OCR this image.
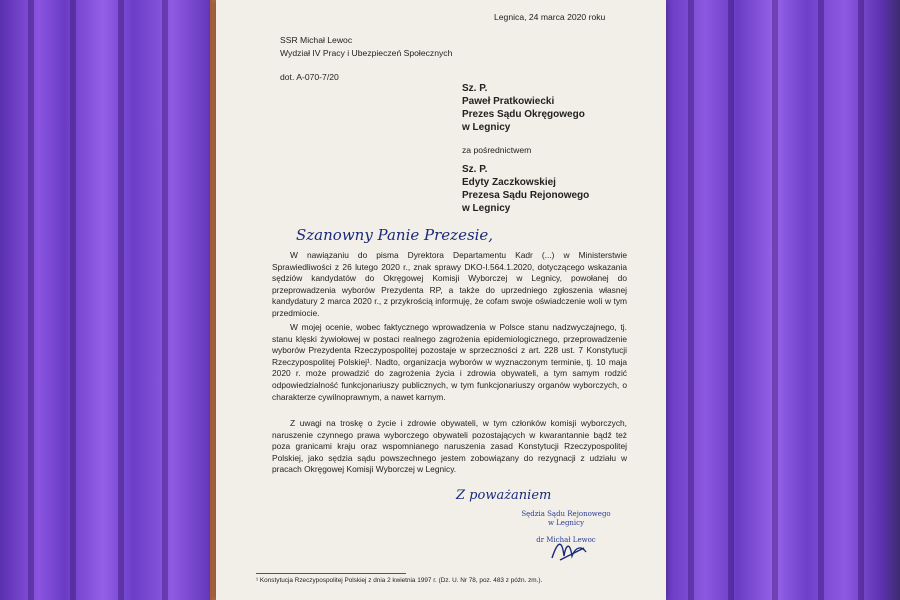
Legnica, 24 marca 2020 roku
SSR Michał Lewoc
Wydział IV Pracy i Ubezpieczeń Społecznych
dot. A-070-7/20
Sz. P.
Paweł Pratkowiecki
Prezes Sądu Okręgowego
w Legnicy
za pośrednictwem
Sz. P.
Edyty Zaczkowskiej
Prezesa Sądu Rejonowego
w Legnicy
Szanowny Panie Prezesie,
W nawiązaniu do pisma Dyrektora Departamentu Kadr (...) w Ministerstwie Sprawiedliwości z 26 lutego 2020 r., znak sprawy DKO-I.564.1.2020, dotyczącego wskazania sędziów kandydatów do Okręgowej Komisji Wyborczej w Legnicy, powołanej do przeprowadzenia wyborów Prezydenta RP, a także do uprzedniego zgłoszenia własnej kandydatury 2 marca 2020 r., z przykrością informuję, że cofam swoje oświadczenie woli w tym przedmiocie.
W mojej ocenie, wobec faktycznego wprowadzenia w Polsce stanu nadzwyczajnego, tj. stanu klęski żywiołowej w postaci realnego zagrożenia epidemiologicznego, przeprowadzenie wyborów Prezydenta Rzeczypospolitej pozostaje w sprzeczności z art. 228 ust. 7 Konstytucji Rzeczypospolitej Polskiej¹. Nadto, organizacja wyborów w wyznaczonym terminie, tj. 10 maja 2020 r. może prowadzić do zagrożenia życia i zdrowia obywateli, a tym samym rodzić odpowiedzialność funkcjonariuszy publicznych, w tym funkcjonariuszy organów wyborczych, o charakterze cywilnoprawnym, a nawet karnym.
Z uwagi na troskę o życie i zdrowie obywateli, w tym członków komisji wyborczych, naruszenie czynnego prawa wyborczego obywateli pozostających w kwarantannie bądź też poza granicami kraju oraz wspomnianego naruszenia zasad Konstytucji Rzeczypospolitej Polskiej, jako sędzia sądu powszechnego jestem zobowiązany do rezygnacji z udziału w pracach Okręgowej Komisji Wyborczej w Legnicy.
Z poważaniem
Sędzia Sądu Rejonowego
w Legnicy
dr Michał Lewoc
¹ Konstytucja Rzeczypospolitej Polskiej z dnia 2 kwietnia 1997 r. (Dz. U. Nr 78, poz. 483 z późn. zm.).
